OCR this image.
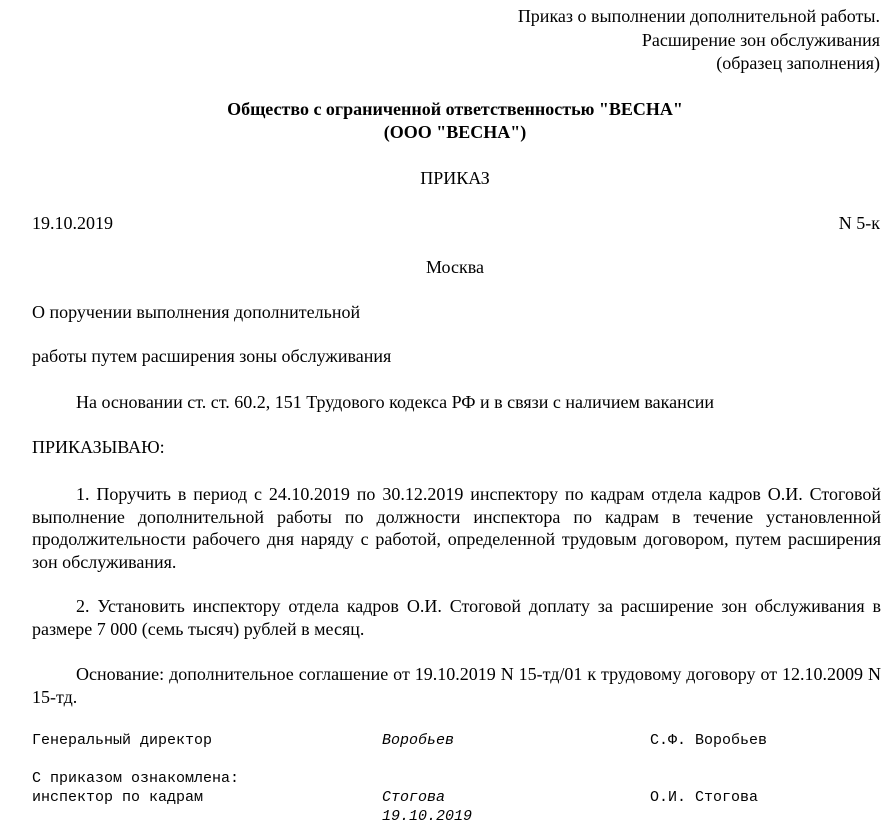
Приказ о выполнении дополнительной работы.
Расширение зон обслуживания
(образец заполнения)
Общество с ограниченной ответственностью "ВЕСНА"
(ООО "ВЕСНА")
ПРИКАЗ
19.10.2019	N 5-к
Москва
О поручении выполнения дополнительной
работы путем расширения зоны обслуживания
На основании ст. ст. 60.2, 151 Трудового кодекса РФ и в связи с наличием вакансии
ПРИКАЗЫВАЮ:
1. Поручить в период с 24.10.2019 по 30.12.2019 инспектору по кадрам отдела кадров О.И. Стоговой выполнение дополнительной работы по должности инспектора по кадрам в течение установленной продолжительности рабочего дня наряду с работой, определенной трудовым договором, путем расширения зон обслуживания.
2. Установить инспектору отдела кадров О.И. Стоговой доплату за расширение зон обслуживания в размере 7 000 (семь тысяч) рублей в месяц.
Основание: дополнительное соглашение от 19.10.2019 N 15-тд/01 к трудовому договору от 12.10.2009 N 15-тд.
Генеральный директор	Воробьев	С.Ф. Воробьев
С приказом ознакомлена:
инспектор по кадрам	Стогова	О.И. Стогова
19.10.2019
